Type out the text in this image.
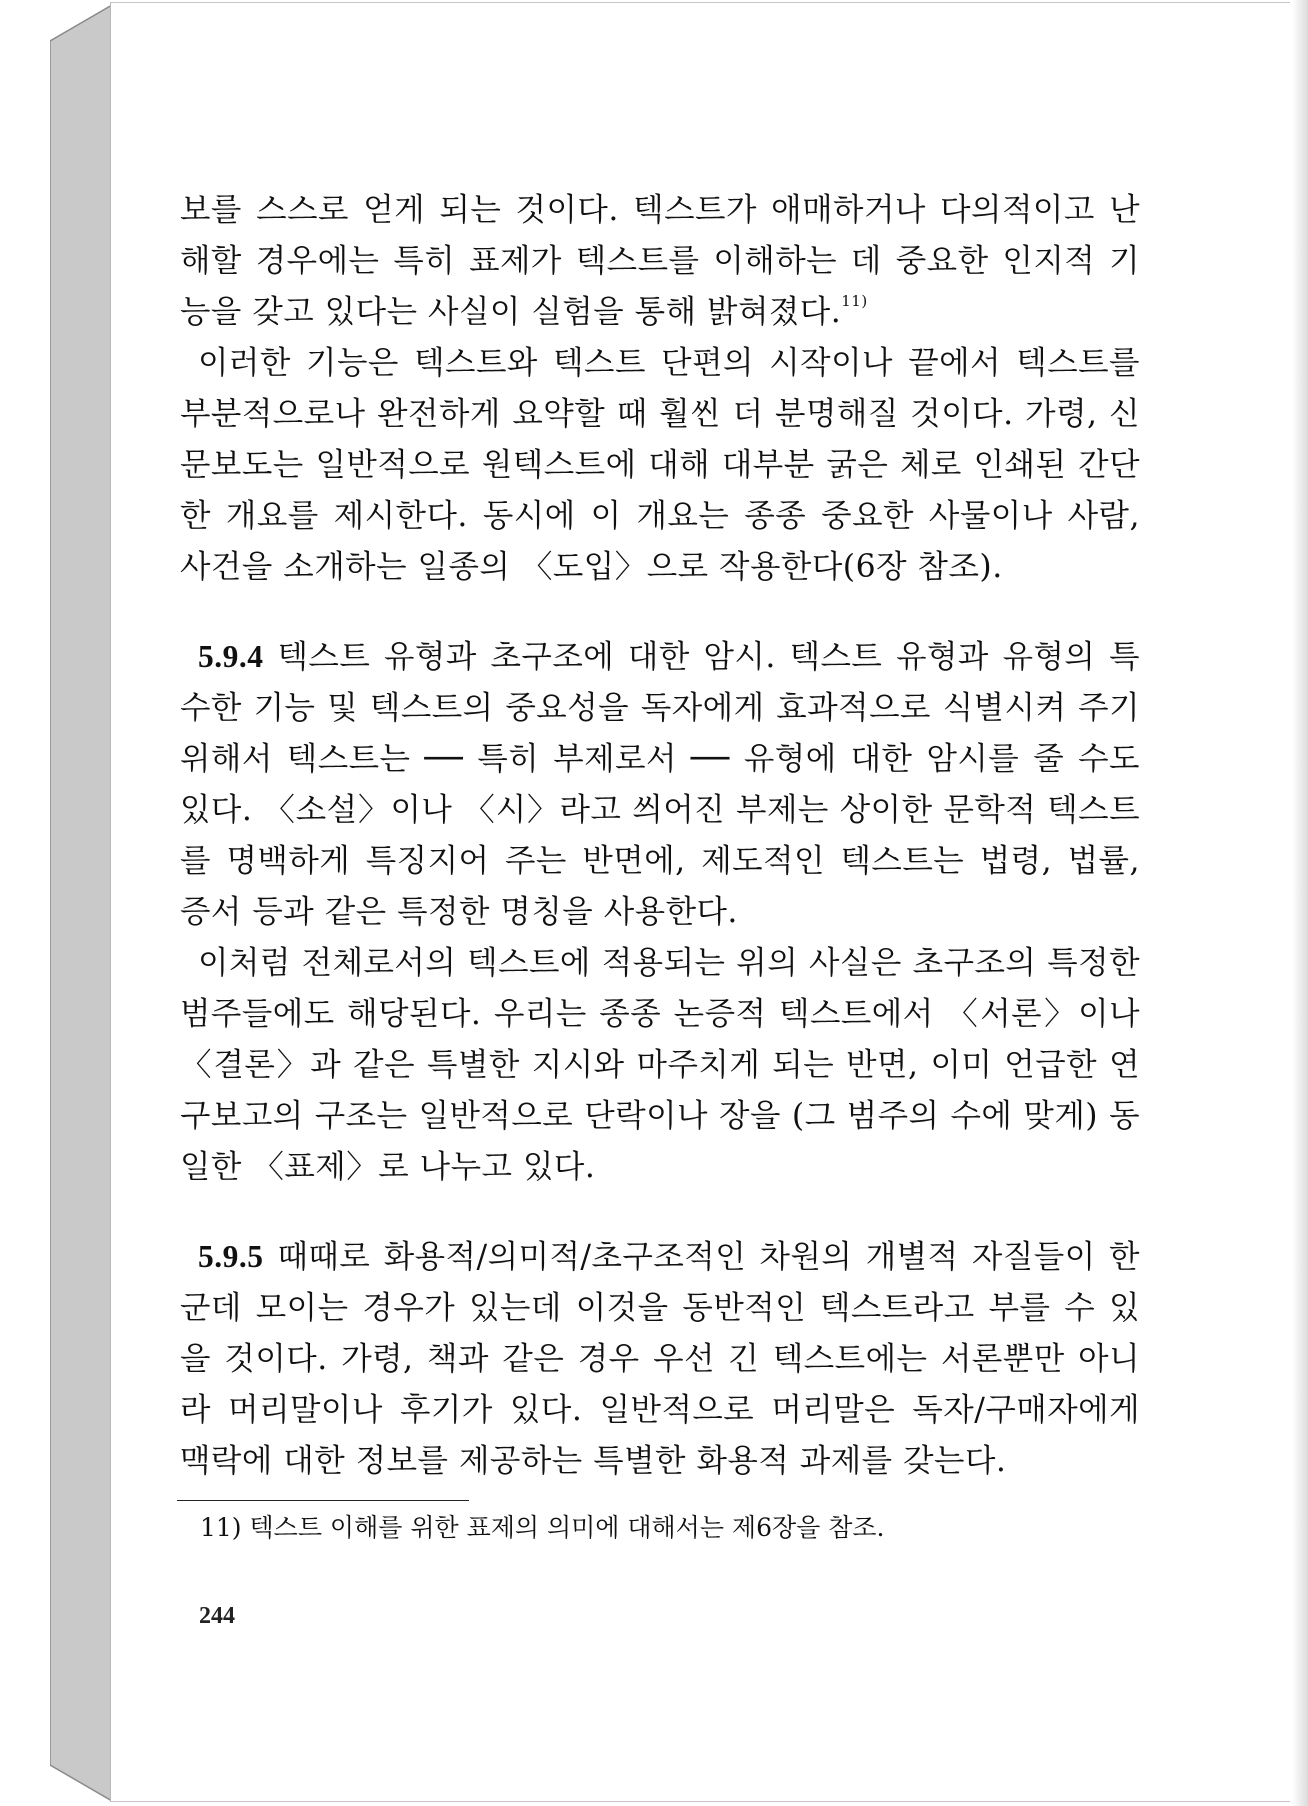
보를 스스로 얻게 되는 것이다. 텍스트가 애매하거나 다의적이고 난해할 경우에는 특히 표제가 텍스트를 이해하는 데 중요한 인지적 기능을 갖고 있다는 사실이 실험을 통해 밝혀졌다.$^{11)}$

이러한 기능은 텍스트와 텍스트 단편의 시작이나 끝에서 텍스트를 부분적으로나 완전하게 요약할 때 훨씬 더 분명해질 것이다. 가령, 신문보도는 일반적으로 원텍스트에 대해 대부분 굵은 체로 인쇄된 간단한 개요를 제시한다. 동시에 이 개요는 종종 중요한 사물이나 사람, 사건을 소개하는 일종의 〈도입〉으로 작용한다(6장 참조).

5.9.4 텍스트 유형과 초구조에 대한 암시. 텍스트 유형과 유형의 특수한 기능 및 텍스트의 중요성을 독자에게 효과적으로 식별시켜 주기 위해서 텍스트는 ── 특히 부제로서 ── 유형에 대한 암시를 줄 수도 있다. 〈소설〉이나 〈시〉라고 씌어진 부제는 상이한 문학적 텍스트를 명백하게 특징지어 주는 반면에, 제도적인 텍스트는 법령, 법률, 증서 등과 같은 특정한 명칭을 사용한다.

이처럼 전체로서의 텍스트에 적용되는 위의 사실은 초구조의 특정한 범주들에도 해당된다. 우리는 종종 논증적 텍스트에서 〈서론〉이나 〈결론〉과 같은 특별한 지시와 마주치게 되는 반면, 이미 언급한 연구보고의 구조는 일반적으로 단락이나 장을 (그 범주의 수에 맞게) 동일한 〈표제〉로 나누고 있다.

5.9.5 때때로 화용적/의미적/초구조적인 차원의 개별적 자질들이 한군데 모이는 경우가 있는데 이것을 동반적인 텍스트라고 부를 수 있을 것이다. 가령, 책과 같은 경우 우선 긴 텍스트에는 서론뿐만 아니라 머리말이나 후기가 있다. 일반적으로 머리말은 독자/구매자에게 맥락에 대한 정보를 제공하는 특별한 화용적 과제를 갖는다.

11) 텍스트 이해를 위한 표제의 의미에 대해서는 제6장을 참조.
244
